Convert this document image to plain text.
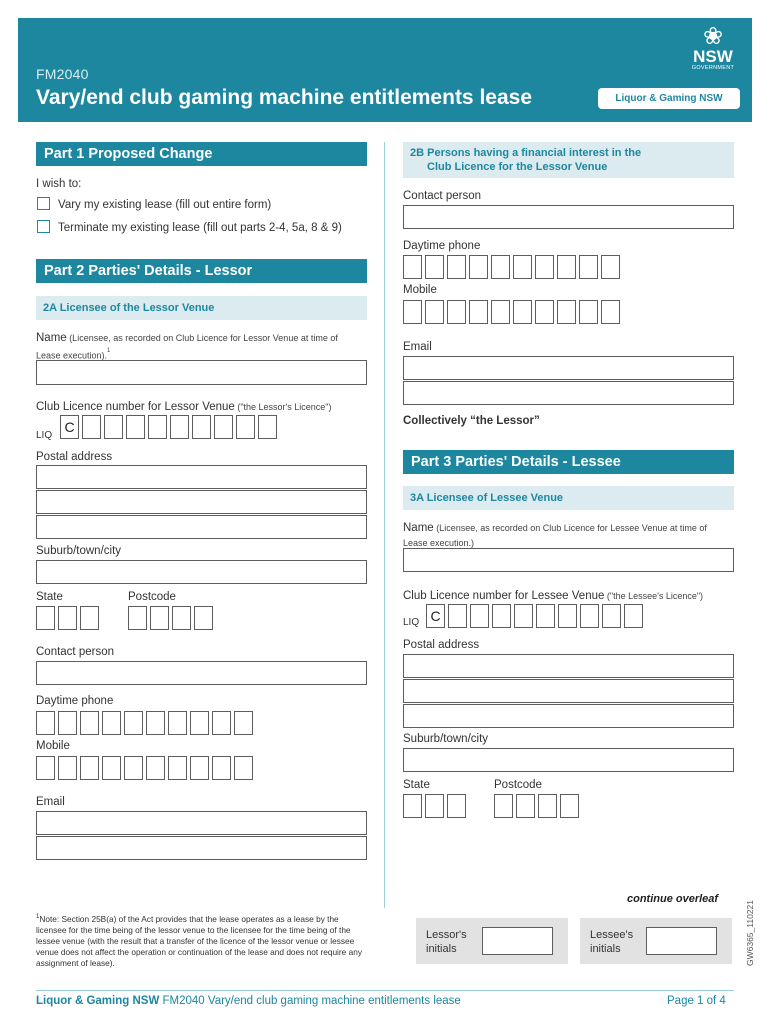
FM2040
Vary/end club gaming machine entitlements lease
❀
NSW
GOVERNMENT
Liquor & Gaming NSW
Part 1 Proposed Change
I wish to:
Vary my existing lease (fill out entire form)
Terminate my existing lease (fill out parts 2-4, 5a, 8 & 9)
Part 2 Parties' Details - Lessor
2A Licensee of the Lessor Venue
Name (Licensee, as recorded on Club Licence for Lessor Venue at time of Lease execution).$^1$
Club Licence number for Lessor Venue ("the Lessor's Licence")
LIQ
C
Postal address
Suburb/town/city
State	Postcode
Contact person
Daytime phone
Mobile
Email
2B Persons having a financial interest in the
Club Licence for the Lessor Venue
Contact person
Daytime phone
Mobile
Email
Collectively “the Lessor”
Part 3 Parties' Details - Lessee
3A Licensee of Lessee Venue
Name (Licensee, as recorded on Club Licence for Lessee Venue at time of Lease execution.)
Club Licence number for Lessee Venue ("the Lessee's Licence")
LIQ C
Postal address
Suburb/town/city
State	Postcode
continue overleaf
$^1$Note: Section 25B(a) of the Act provides that the lease operates as a lease by the licensee for the time being of the lessor venue to the licensee for the time being of the lessee venue (with the result that a transfer of the licence of the lessor venue or lessee venue does not affect the operation or continuation of the lease and does not require any assignment of lease).
Lessor's
initials
Lessee's
initials	GW6365_110221
Liquor & Gaming NSW FM2040 Vary/end club gaming machine entitlements lease	Page 1 of 4
